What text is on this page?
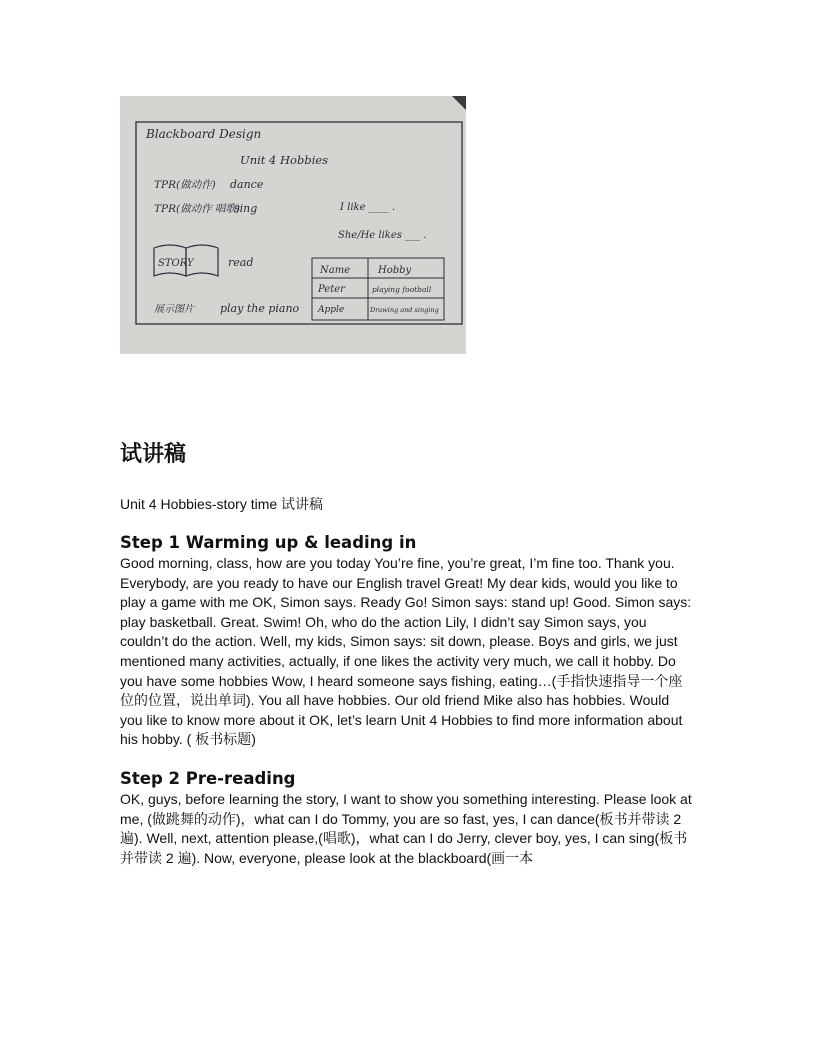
Blackboard Design
Unit 4 Hobbies
TPR(做动作) dance
TPR(做动作 唱歌)
sing
STORY	read
展示图片 play the piano
I like ____ .
She/He likes ___ .
Name	Hobby
Peter	playing football
Apple	Drawing and singing
试讲稿
Unit 4 Hobbies-story time 试讲稿
Step 1 Warming up & leading in

Good morning, class, how are you today You’re fine, you’re great, I’m fine too. Thank you.

Everybody, are you ready to have our English travel Great! My dear kids, would you like to play a game with me OK, Simon says. Ready Go! Simon says: stand up! Good. Simon says: play basketball. Great. Swim! Oh, who do the action Lily, I didn’t say Simon says, you couldn’t do the action. Well, my kids, Simon says: sit down, please. Boys and girls, we just mentioned many activities, actually, if one likes the activity very much, we call it hobby. Do you have some hobbies Wow, I heard someone says fishing, eating…(手指快速指导一个座位的位置，说出单词). You all have hobbies. Our old friend Mike also has hobbies. Would you like to know more about it OK, let’s learn Unit 4 Hobbies to find more information about his hobby. ( 板书标题)

Step 2 Pre-reading

OK, guys, before learning the story, I want to show you something interesting. Please look at me, (做跳舞的动作)，what can I do Tommy, you are so fast, yes, I can dance(板书并带读 2 遍). Well, next, attention please,(唱歌)，what can I do Jerry, clever boy, yes, I can sing(板书并带读 2 遍). Now, everyone, please look at the blackboard(画一本
